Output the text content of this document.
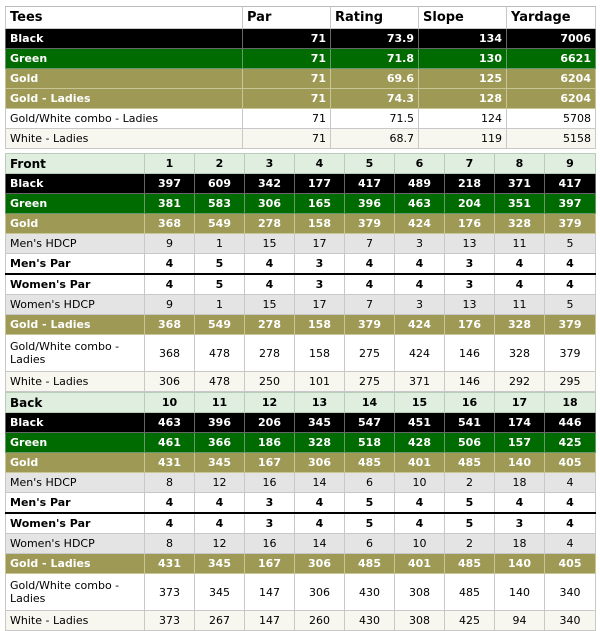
Tees	Par	Rating	Slope	Yardage
Black	71	73.9	134	7006
Green	71	71.8	130	6621
Gold	71	69.6	125	6204
Gold - Ladies	71	74.3	128	6204
Gold/White combo - Ladies	71	71.5	124	5708
White - Ladies	71	68.7	119	5158
Front	1	2	3	4	5	6	7	8	9
Black	397	609	342	177	417	489	218	371	417
Green	381	583	306	165	396	463	204	351	397
Gold	368	549	278	158	379	424	176	328	379
Men's HDCP	9	1	15	17	7	3	13	11	5
Men's Par	4	5	4	3	4	4	3	4	4
Women's Par	4	5	4	3	4	4	3	4	4
Women's HDCP	9	1	15	17	7	3	13	11	5
Gold - Ladies	368	549	278	158	379	424	176	328	379
Gold/White combo - Ladies	368	478	278	158	275	424	146	328	379
White - Ladies	306	478	250	101	275	371	146	292	295
Back	10	11	12	13	14	15	16	17	18
Black	463	396	206	345	547	451	541	174	446
Green	461	366	186	328	518	428	506	157	425
Gold	431	345	167	306	485	401	485	140	405
Men's HDCP	8	12	16	14	6	10	2	18	4
Men's Par	4	4	3	4	5	4	5	4	4
Women's Par	4	4	3	4	5	4	5	3	4
Women's HDCP	8	12	16	14	6	10	2	18	4
Gold - Ladies	431	345	167	306	485	401	485	140	405
Gold/White combo - Ladies	373	345	147	306	430	308	485	140	340
White - Ladies	373	267	147	260	430	308	425	94	340
